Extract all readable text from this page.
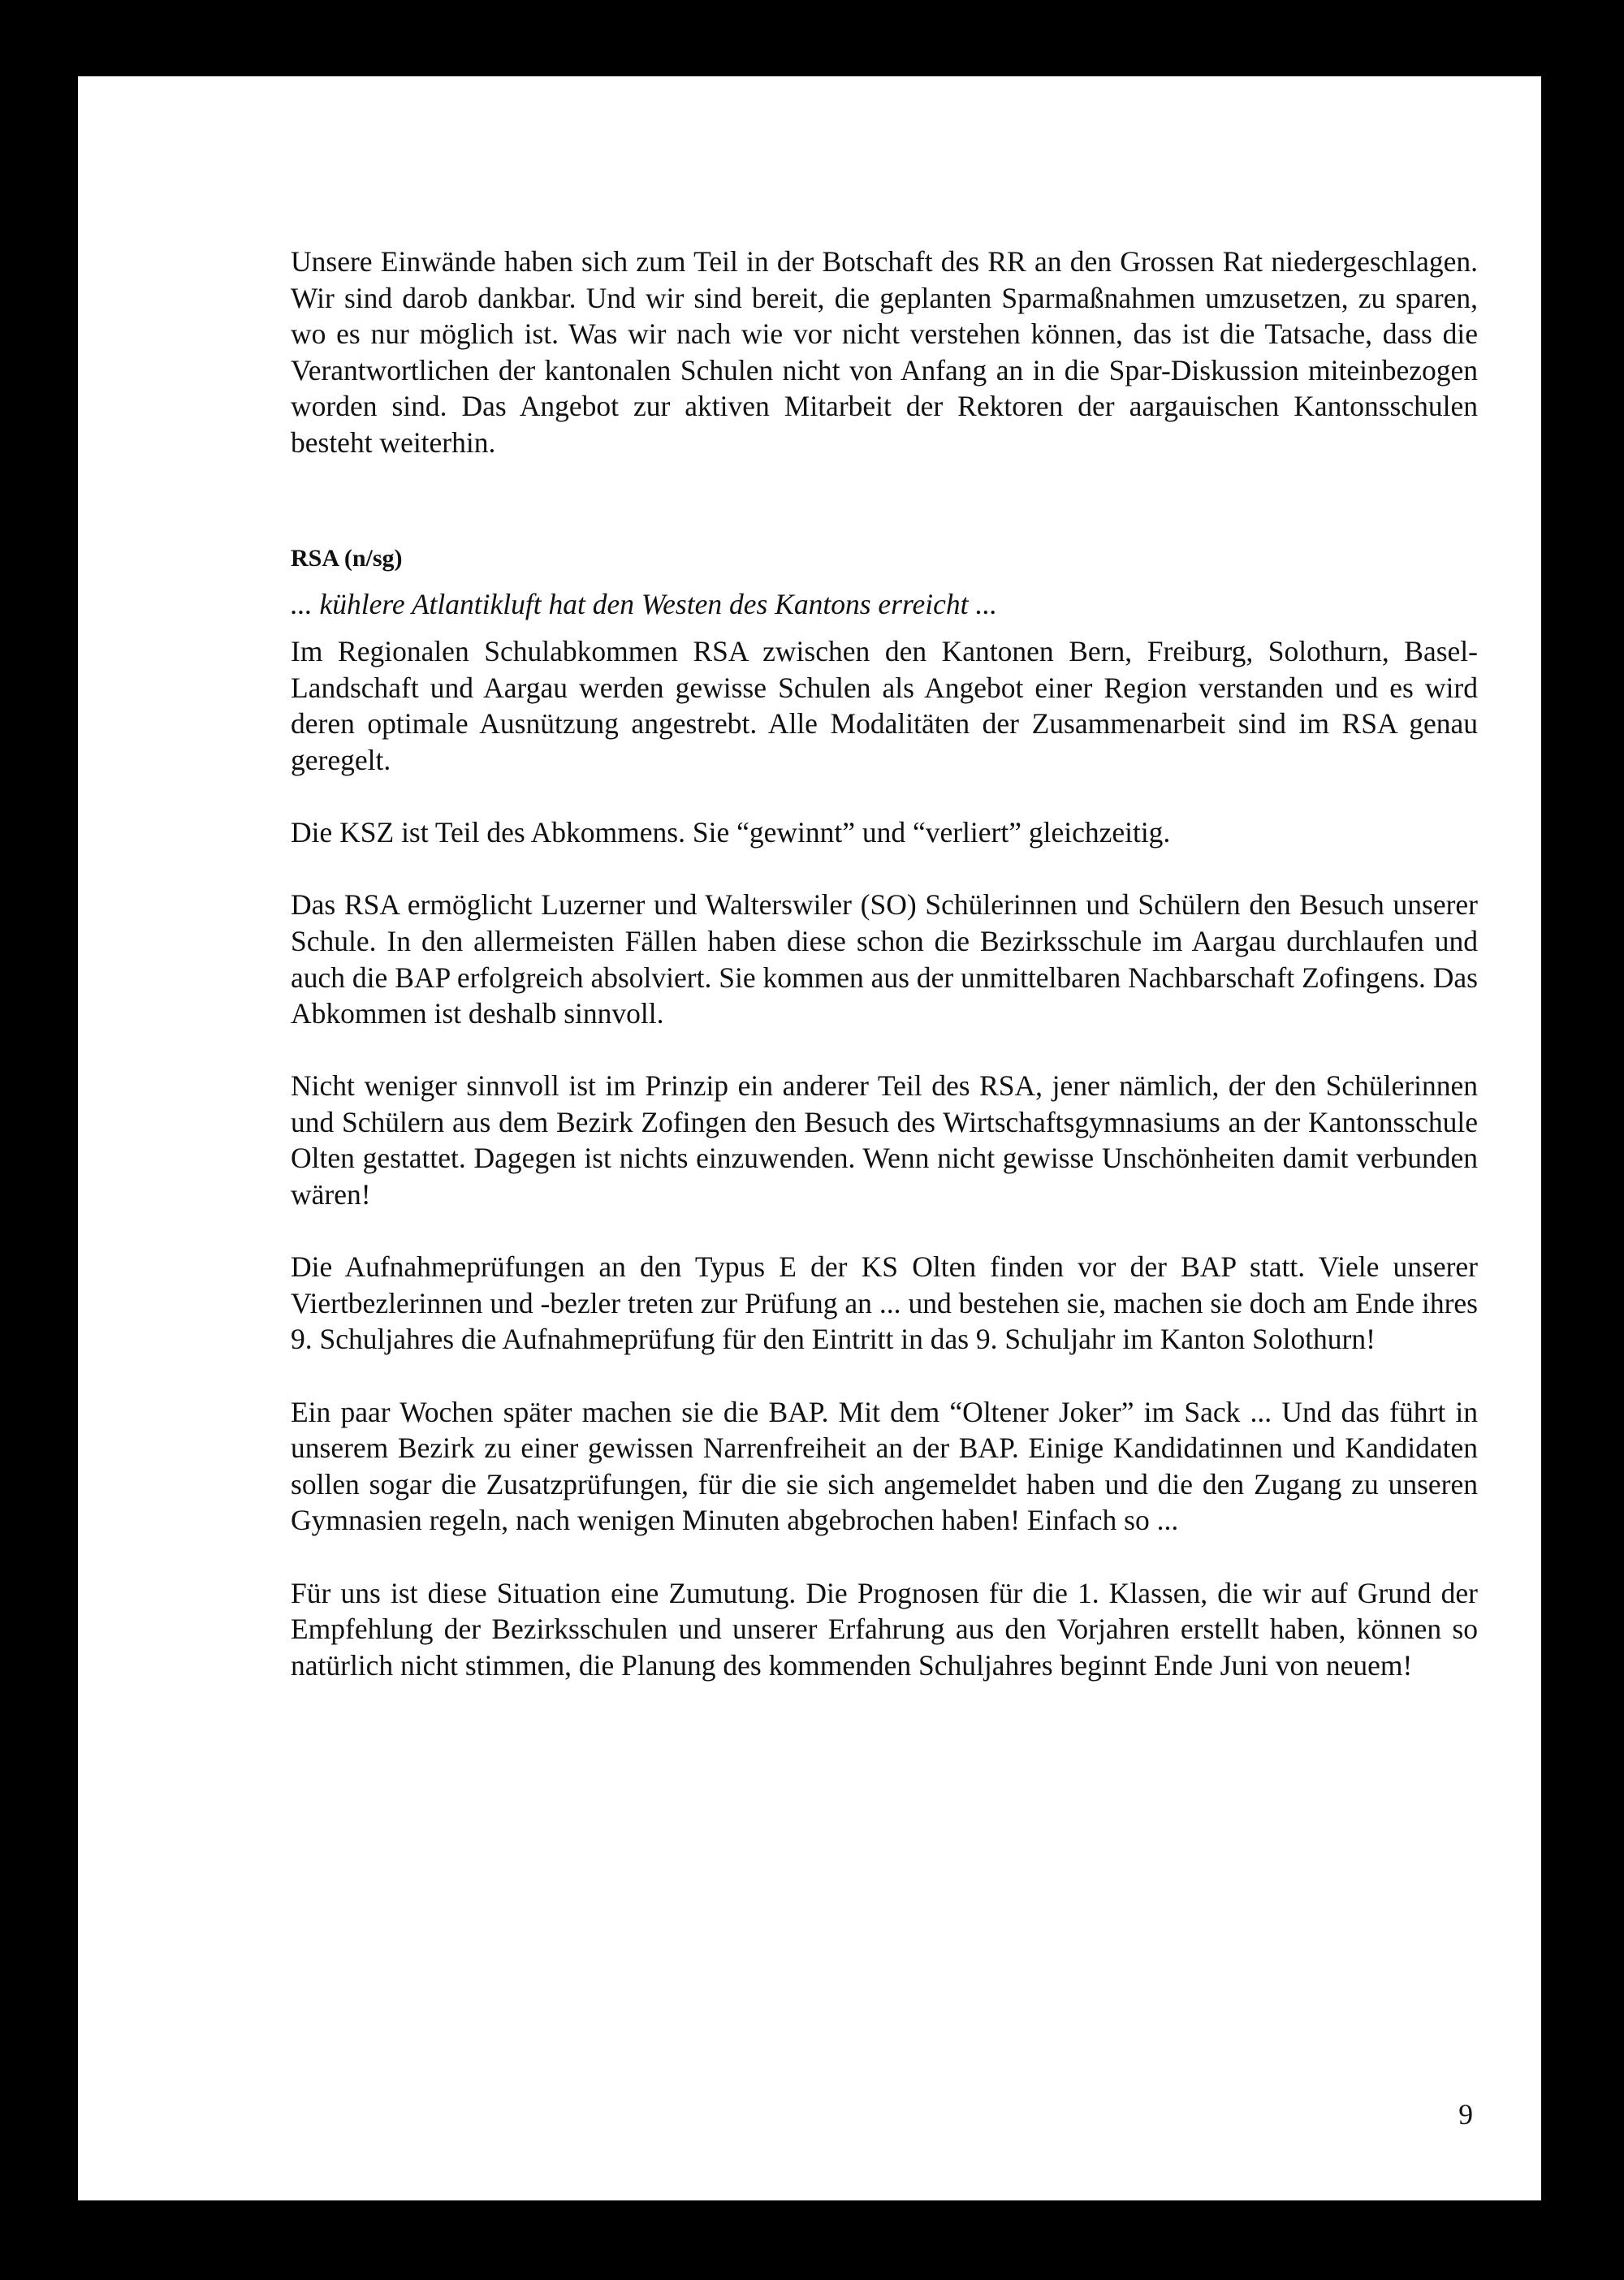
Unsere Einwände haben sich zum Teil in der Botschaft des RR an den Grossen Rat niedergeschlagen. Wir sind darob dankbar. Und wir sind bereit, die geplanten Sparmaßnahmen umzusetzen, zu sparen, wo es nur möglich ist. Was wir nach wie vor nicht verstehen können, das ist die Tatsache, dass die Verantwortlichen der kantonalen Schulen nicht von Anfang an in die Spar-Diskussion miteinbezogen worden sind. Das Angebot zur aktiven Mitarbeit der Rektoren der aargauischen Kantonsschulen besteht weiterhin.

RSA (n/sg)
... kühlere Atlantikluft hat den Westen des Kantons erreicht ...

Im Regionalen Schulabkommen RSA zwischen den Kantonen Bern, Freiburg, Solothurn, Basel-Landschaft und Aargau werden gewisse Schulen als Angebot einer Region verstanden und es wird deren optimale Ausnützung angestrebt. Alle Modalitäten der Zusammenarbeit sind im RSA genau geregelt.

Die KSZ ist Teil des Abkommens. Sie “gewinnt” und “verliert” gleichzeitig.

Das RSA ermöglicht Luzerner und Walterswiler (SO) Schülerinnen und Schülern den Besuch unserer Schule. In den allermeisten Fällen haben diese schon die Bezirksschule im Aargau durchlaufen und auch die BAP erfolgreich absolviert. Sie kommen aus der unmittelbaren Nachbarschaft Zofingens. Das Abkommen ist deshalb sinnvoll.

Nicht weniger sinnvoll ist im Prinzip ein anderer Teil des RSA, jener nämlich, der den Schülerinnen und Schülern aus dem Bezirk Zofingen den Besuch des Wirtschaftsgymnasiums an der Kantonsschule Olten gestattet. Dagegen ist nichts einzuwenden. Wenn nicht gewisse Unschönheiten damit verbunden wären!

Die Aufnahmeprüfungen an den Typus E der KS Olten finden vor der BAP statt. Viele unserer Viertbezlerinnen und -bezler treten zur Prüfung an ... und bestehen sie, machen sie doch am Ende ihres 9. Schuljahres die Aufnahmeprüfung für den Eintritt in das 9. Schuljahr im Kanton Solothurn!

Ein paar Wochen später machen sie die BAP. Mit dem “Oltener Joker” im Sack ... Und das führt in unserem Bezirk zu einer gewissen Narrenfreiheit an der BAP. Einige Kandidatinnen und Kandidaten sollen sogar die Zusatzprüfungen, für die sie sich angemeldet haben und die den Zugang zu unseren Gymnasien regeln, nach wenigen Minuten abgebrochen haben! Einfach so ...

Für uns ist diese Situation eine Zumutung. Die Prognosen für die 1. Klassen, die wir auf Grund der Empfehlung der Bezirksschulen und unserer Erfahrung aus den Vorjahren erstellt haben, können so natürlich nicht stimmen, die Planung des kommenden Schuljahres beginnt Ende Juni von neuem!

9
